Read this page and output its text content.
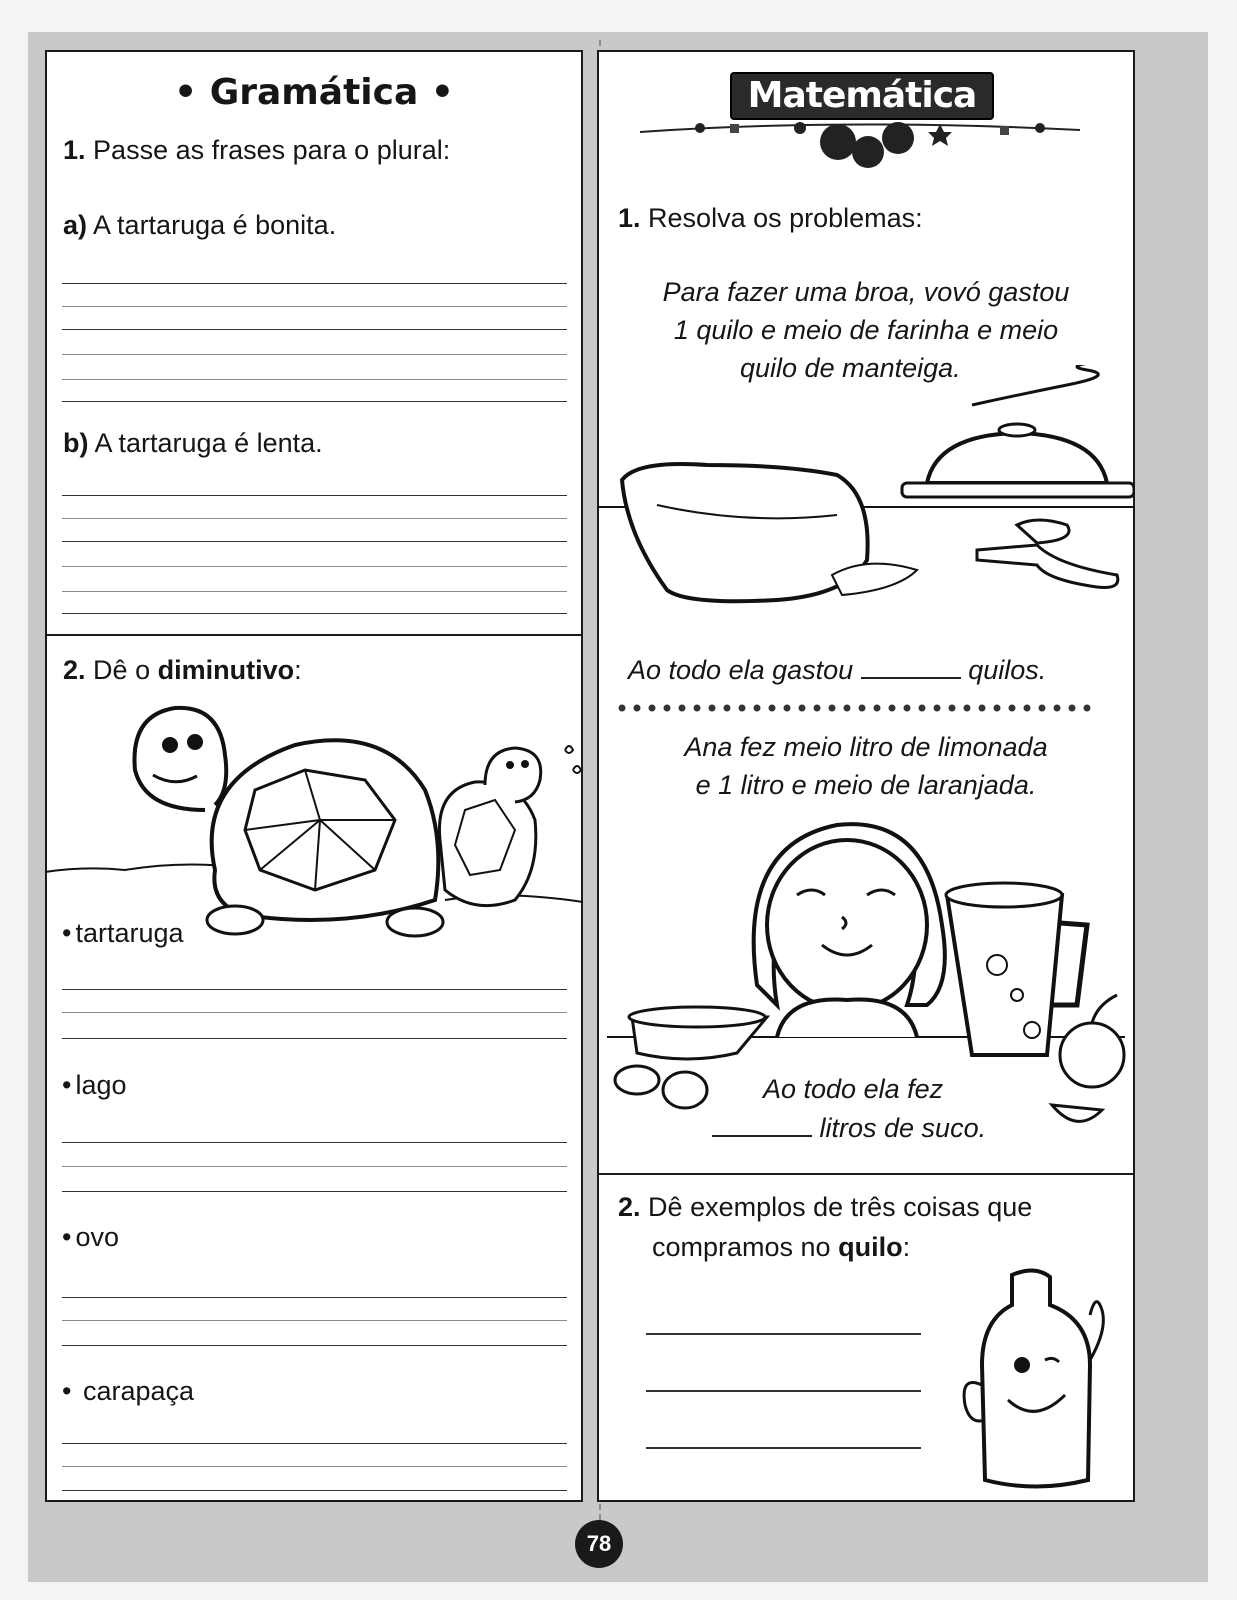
• Gramática •
1. Passe as frases para o plural:
a) A tartaruga é bonita.
b) A tartaruga é lenta.
2. Dê o diminutivo:
• tartaruga
• lago
• ovo
• carapaça
Matemática
1. Resolva os problemas:
Para fazer uma broa, vovó gastou
1 quilo e meio de farinha e meio
quilo de manteiga.
Ao todo ela gastou	quilos.
Ana fez meio litro de limonada
e 1 litro e meio de laranjada.
Ao todo ela fez
litros de suco.
2. Dê exemplos de três coisas que
compramos no quilo:
78
